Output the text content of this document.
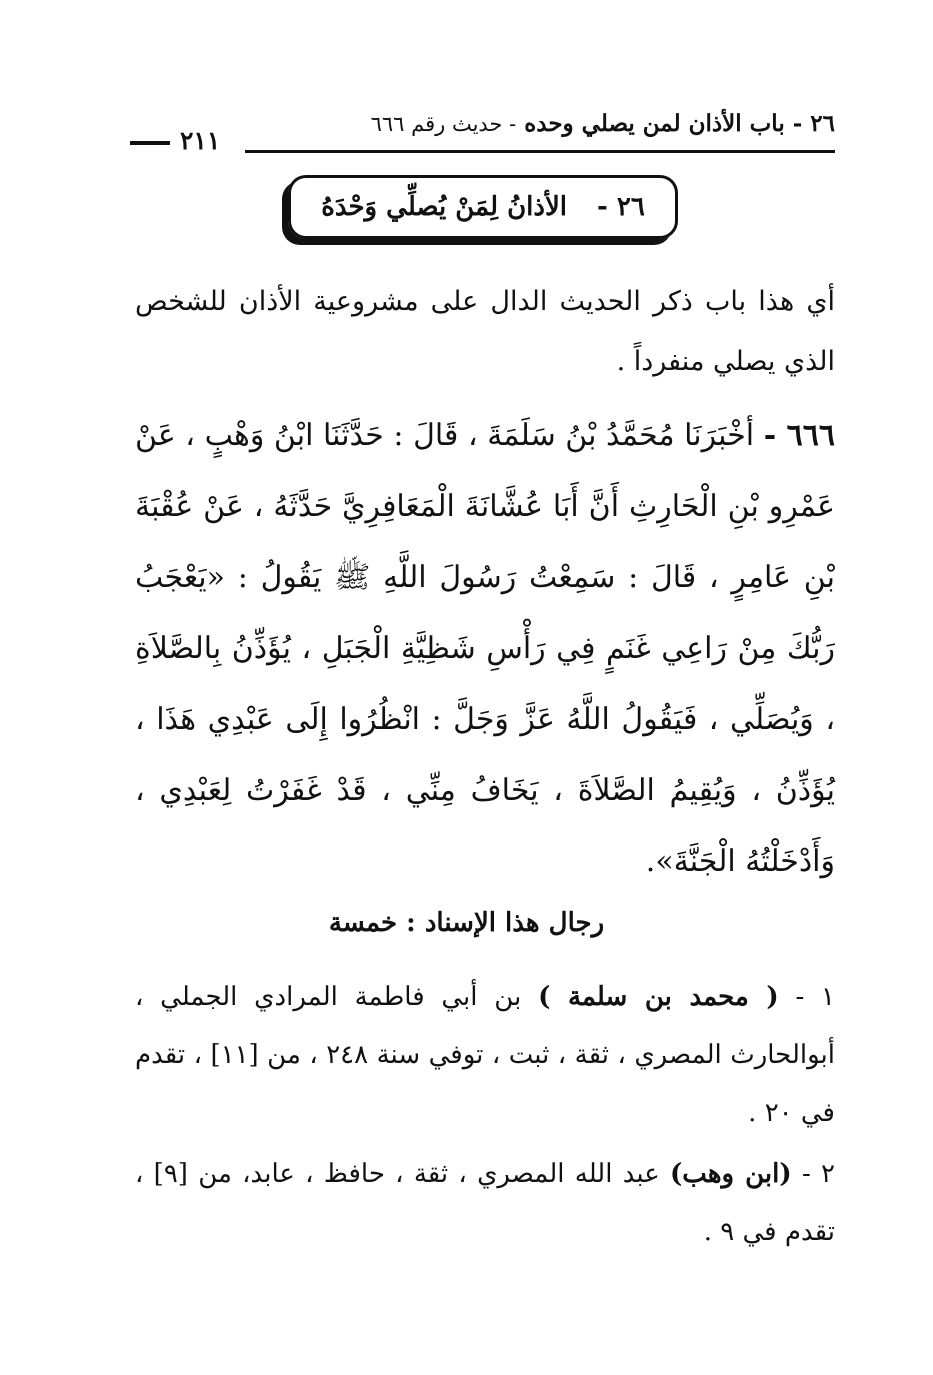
٢٦ - باب الأذان لمن يصلي وحده - حديث رقم ٦٦٦
٢١١
٢٦ -
الأذانُ لِمَنْ يُصلِّي وَحْدَهُ
أي هذا باب ذكر الحديث الدال على مشروعية الأذان للشخص الذي يصلي منفرداً .
٦٦٦ - أخْبَرَنَا مُحَمَّدُ بْنُ سَلَمَةَ ، قَالَ : حَدَّثَنَا ابْنُ وَهْبٍ ، عَنْ عَمْرِو بْنِ الْحَارِثِ أَنَّ أَبَا عُشَّانَةَ الْمَعَافِرِيَّ حَدَّثَهُ ، عَنْ عُقْبَةَ بْنِ عَامِرٍ ، قَالَ : سَمِعْتُ رَسُولَ اللَّهِ ﷺ يَقُولُ : «يَعْجَبُ رَبُّكَ مِنْ رَاعِي غَنَمٍ فِي رَأْسِ شَظِيَّةِ الْجَبَلِ ، يُؤَذِّنُ بِالصَّلاَةِ ، وَيُصَلِّي ، فَيَقُولُ اللَّهُ عَزَّ وَجَلَّ : انْظُرُوا إِلَى عَبْدِي هَذَا ، يُؤَذِّنُ ، وَيُقِيمُ الصَّلاَةَ ، يَخَافُ مِنِّي ، قَدْ غَفَرْتُ لِعَبْدِي ، وَأَدْخَلْتُهُ الْجَنَّةَ».
رجال هذا الإسناد : خمسة
١ - ( محمد بن سلمة ) بن أبي فاطمة المرادي الجملي ، أبوالحارث المصري ، ثقة ، ثبت ، توفي سنة ٢٤٨ ، من [١١] ، تقدم في ٢٠ .
٢ - (ابن وهب) عبد الله المصري ، ثقة ، حافظ ، عابد، من [٩] ، تقدم في ٩ .
